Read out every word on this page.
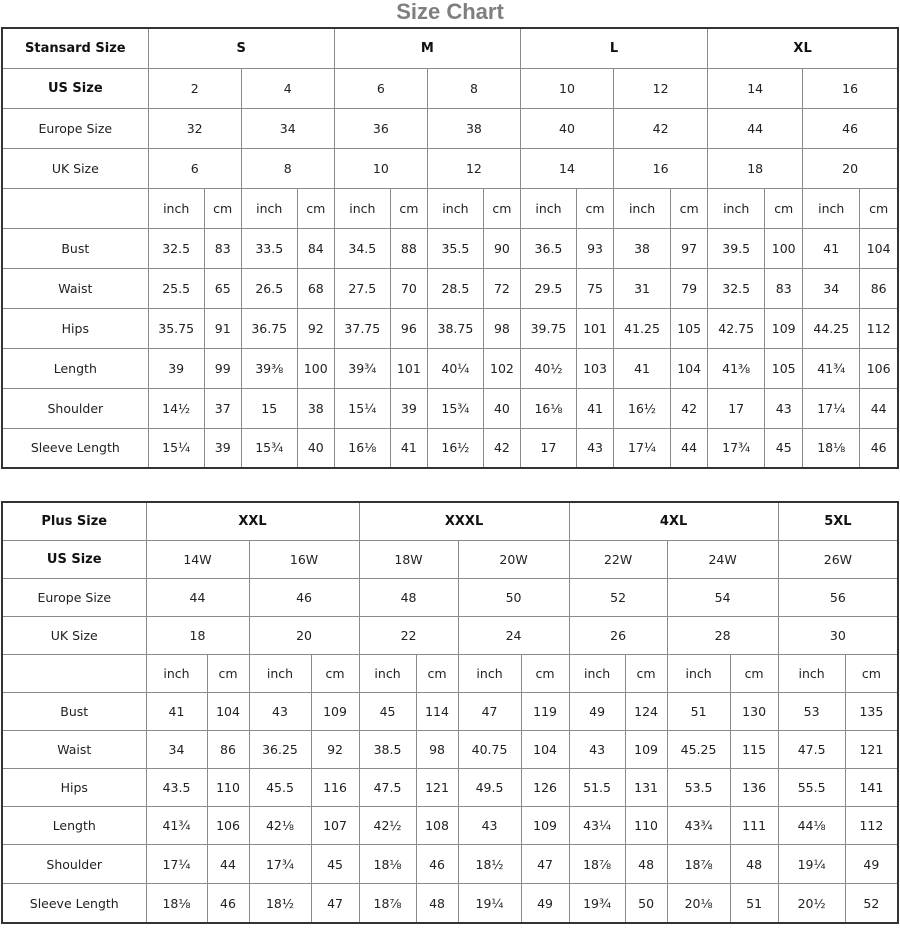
Size Chart
Stansard Size	S				M				L				XL			
US Size	2		4		6		8		10		12		14		16	
Europe Size	32		34		36		38		40		42		44		46	
UK Size	6		8		10		12		14		16		18		20	
	inch	cm	inch	cm	inch	cm	inch	cm	inch	cm	inch	cm	inch	cm	inch	cm
Bust	32.5	83	33.5	84	34.5	88	35.5	90	36.5	93	38	97	39.5	100	41	104
Waist	25.5	65	26.5	68	27.5	70	28.5	72	29.5	75	31	79	32.5	83	34	86
Hips	35.75	91	36.75	92	37.75	96	38.75	98	39.75	101	41.25	105	42.75	109	44.25	112
Length	39	99	39⅜	100	39¾	101	40¼	102	40½	103	41	104	41⅜	105	41¾	106
Shoulder	14½	37	15	38	15¼	39	15¾	40	16⅛	41	16½	42	17	43	17¼	44
Sleeve Length	15¼	39	15¾	40	16⅛	41	16½	42	17	43	17¼	44	17¾	45	18⅛	46
Plus Size	XXL				XXXL				4XL				5XL	
US Size	14W		16W		18W		20W		22W		24W		26W	
Europe Size	44		46		48		50		52		54		56	
UK Size	18		20		22		24		26		28		30	
	inch	cm	inch	cm	inch	cm	inch	cm	inch	cm	inch	cm	inch	cm
Bust	41	104	43	109	45	114	47	119	49	124	51	130	53	135
Waist	34	86	36.25	92	38.5	98	40.75	104	43	109	45.25	115	47.5	121
Hips	43.5	110	45.5	116	47.5	121	49.5	126	51.5	131	53.5	136	55.5	141
Length	41¾	106	42⅛	107	42½	108	43	109	43¼	110	43¾	111	44⅛	112
Shoulder	17¼	44	17¾	45	18⅛	46	18½	47	18⅞	48	18⅞	48	19¼	49
Sleeve Length	18⅛	46	18½	47	18⅞	48	19¼	49	19¾	50	20⅛	51	20½	52
